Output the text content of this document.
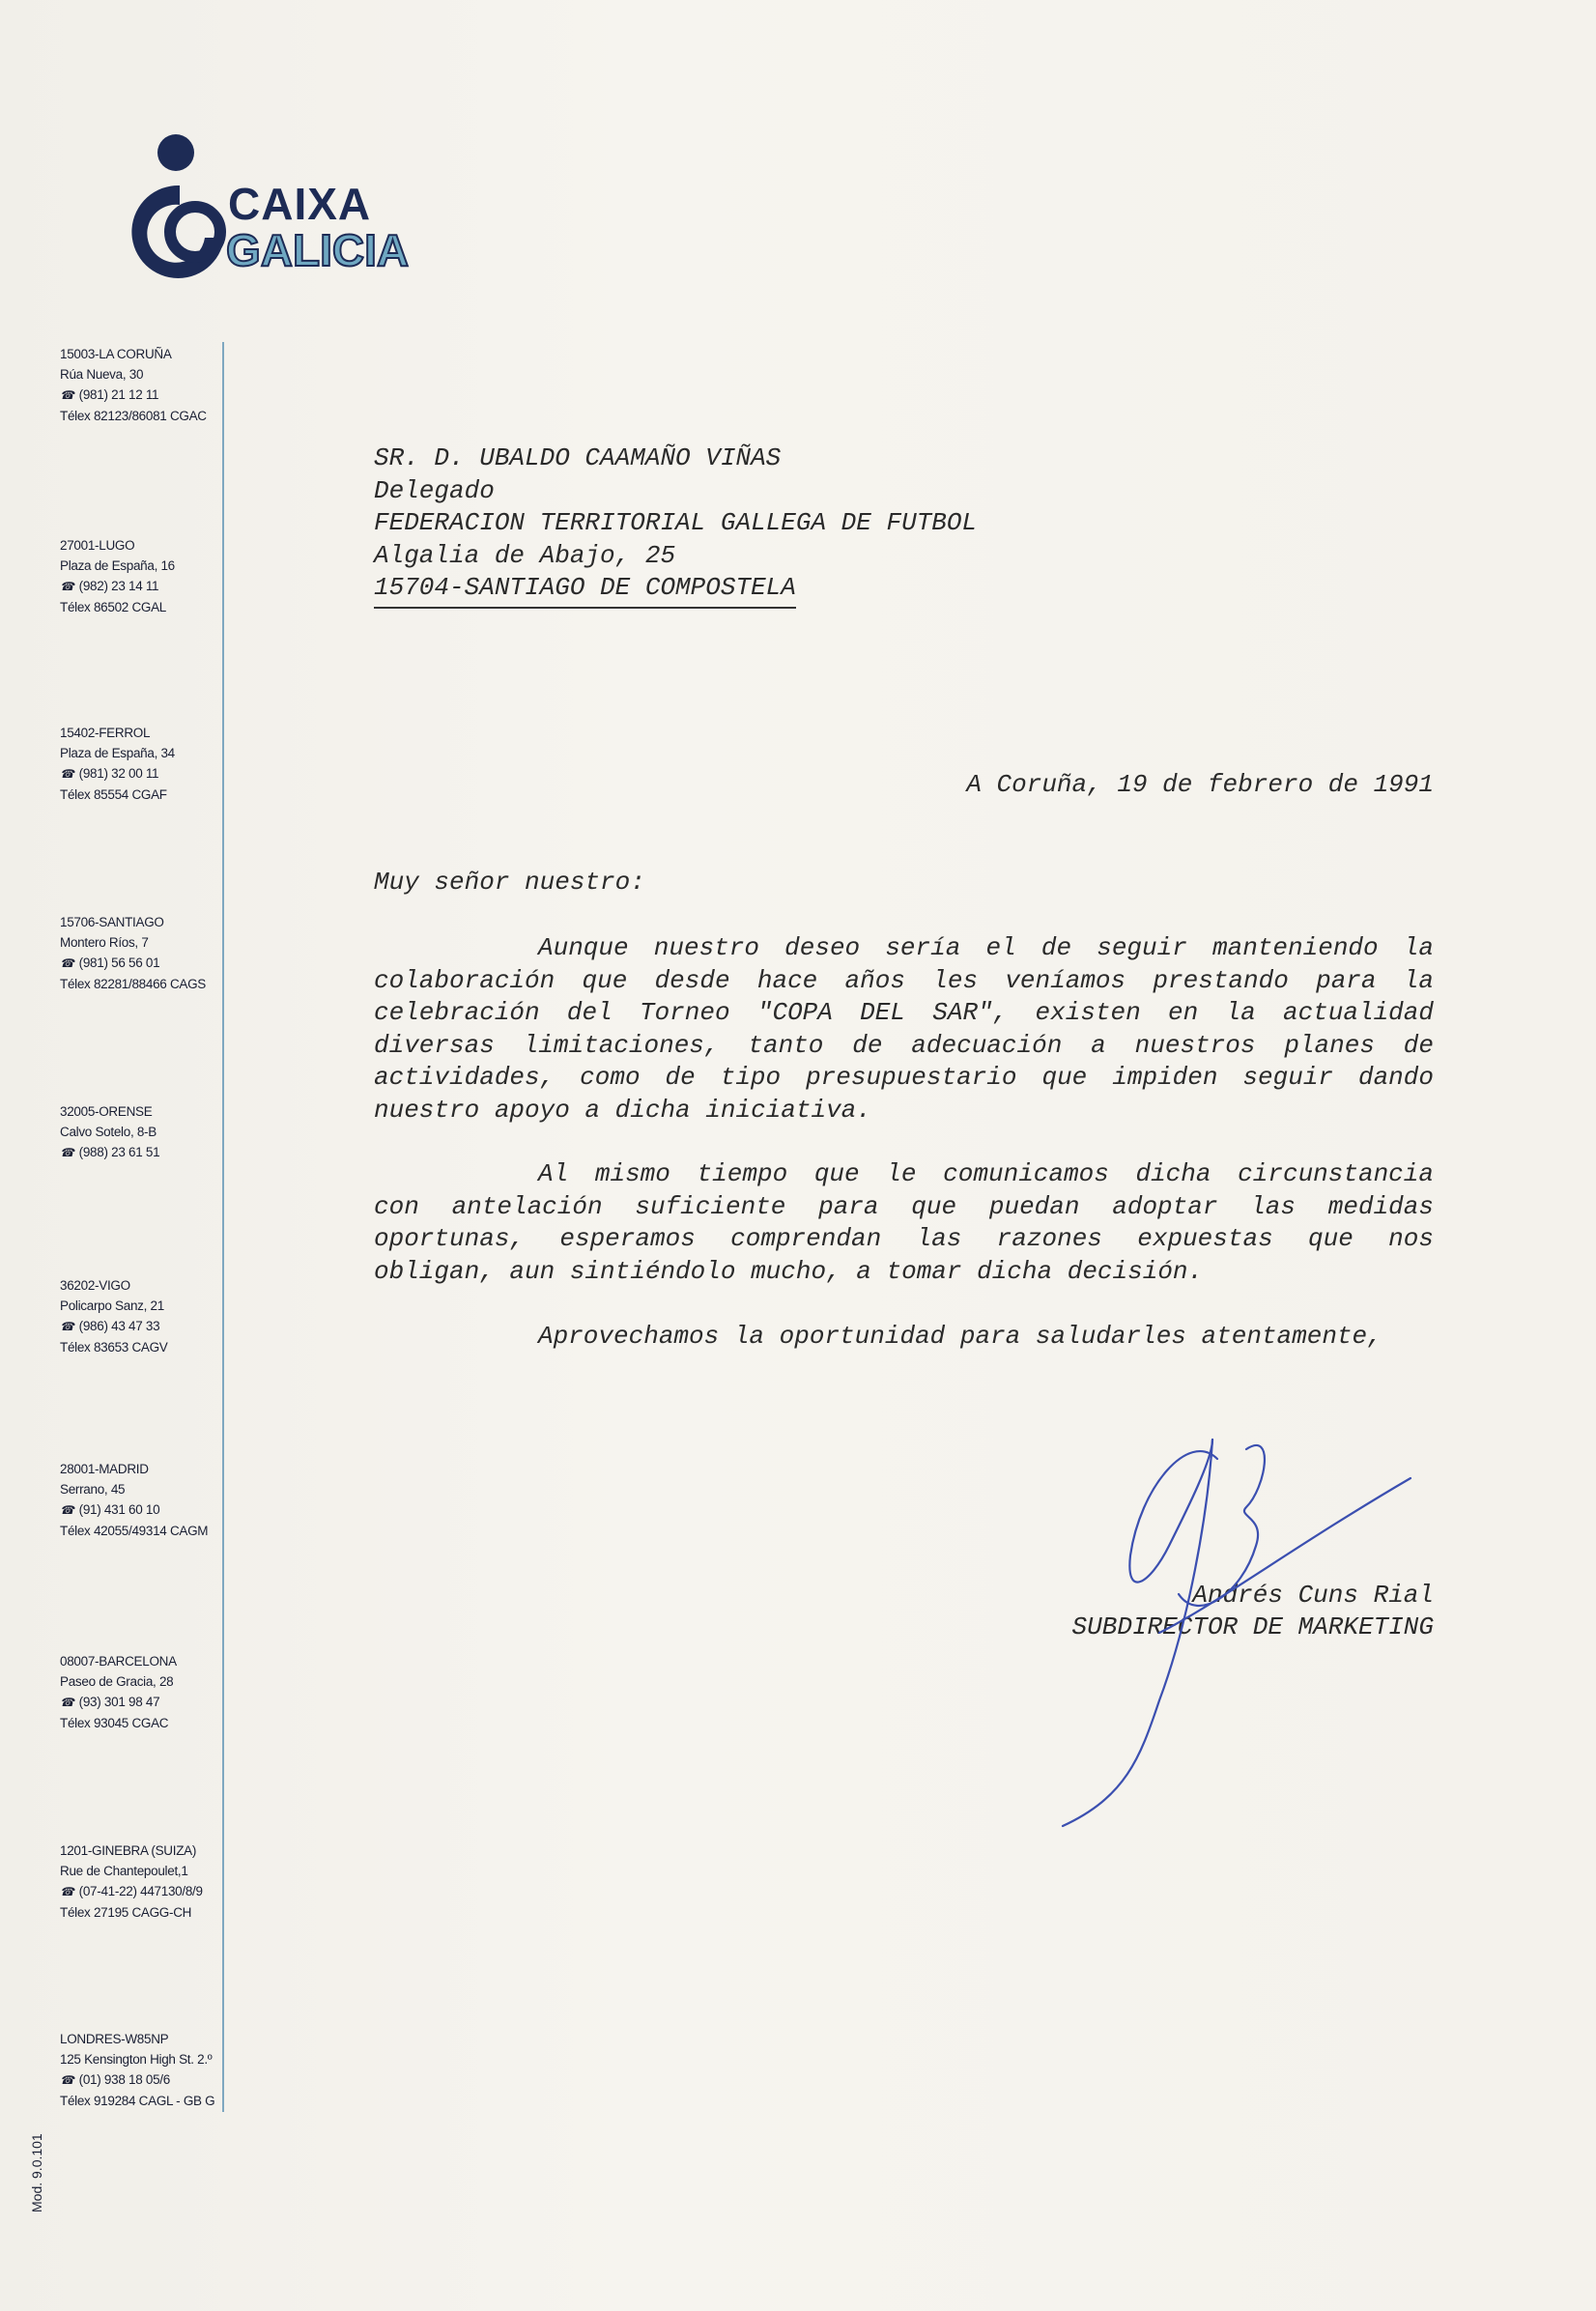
CAIXA
GALICIA
15003-LA CORUÑA
Rúa Nueva, 30
☎ (981) 21 12 11
Télex 82123/86081 CGAC
27001-LUGO
Plaza de España, 16
☎ (982) 23 14 11
Télex 86502 CGAL
15402-FERROL
Plaza de España, 34
☎ (981) 32 00 11
Télex 85554 CGAF
15706-SANTIAGO
Montero Ríos, 7
☎ (981) 56 56 01
Télex 82281/88466 CAGS
32005-ORENSE
Calvo Sotelo, 8-B
☎ (988) 23 61 51
36202-VIGO
Policarpo Sanz, 21
☎ (986) 43 47 33
Télex 83653 CAGV
28001-MADRID
Serrano, 45
☎ (91) 431 60 10
Télex 42055/49314 CAGM
08007-BARCELONA
Paseo de Gracia, 28
☎ (93) 301 98 47
Télex 93045 CGAC
1201-GINEBRA (SUIZA)
Rue de Chantepoulet,1
☎ (07-41-22) 447130/8/9
Télex 27195 CAGG-CH
LONDRES-W85NP
125 Kensington High St. 2.º
☎ (01) 938 18 05/6
Télex 919284 CAGL - GB G
Mod. 9.0.101
SR. D. UBALDO CAAMAÑO VIÑAS
Delegado
FEDERACION TERRITORIAL GALLEGA DE FUTBOL
Algalia de Abajo, 25
15704-SANTIAGO DE COMPOSTELA
A Coruña, 19 de febrero de 1991
Muy señor nuestro:
Aunque nuestro deseo sería el de seguir manteniendo la
colaboración que desde hace años les veníamos prestando para la
celebración del Torneo "COPA DEL SAR", existen en la actualidad
diversas limitaciones, tanto de adecuación a nuestros planes de
actividades, como de tipo presupuestario que impiden seguir dando
nuestro apoyo a dicha iniciativa.
Al mismo tiempo que le comunicamos dicha circunstancia
con antelación suficiente para que puedan adoptar las medidas
oportunas, esperamos comprendan las razones expuestas que nos
obligan, aun sintiéndolo mucho, a tomar dicha decisión.
Aprovechamos la oportunidad para saludarles atentamente,
Andrés Cuns Rial
SUBDIRECTOR DE MARKETING
